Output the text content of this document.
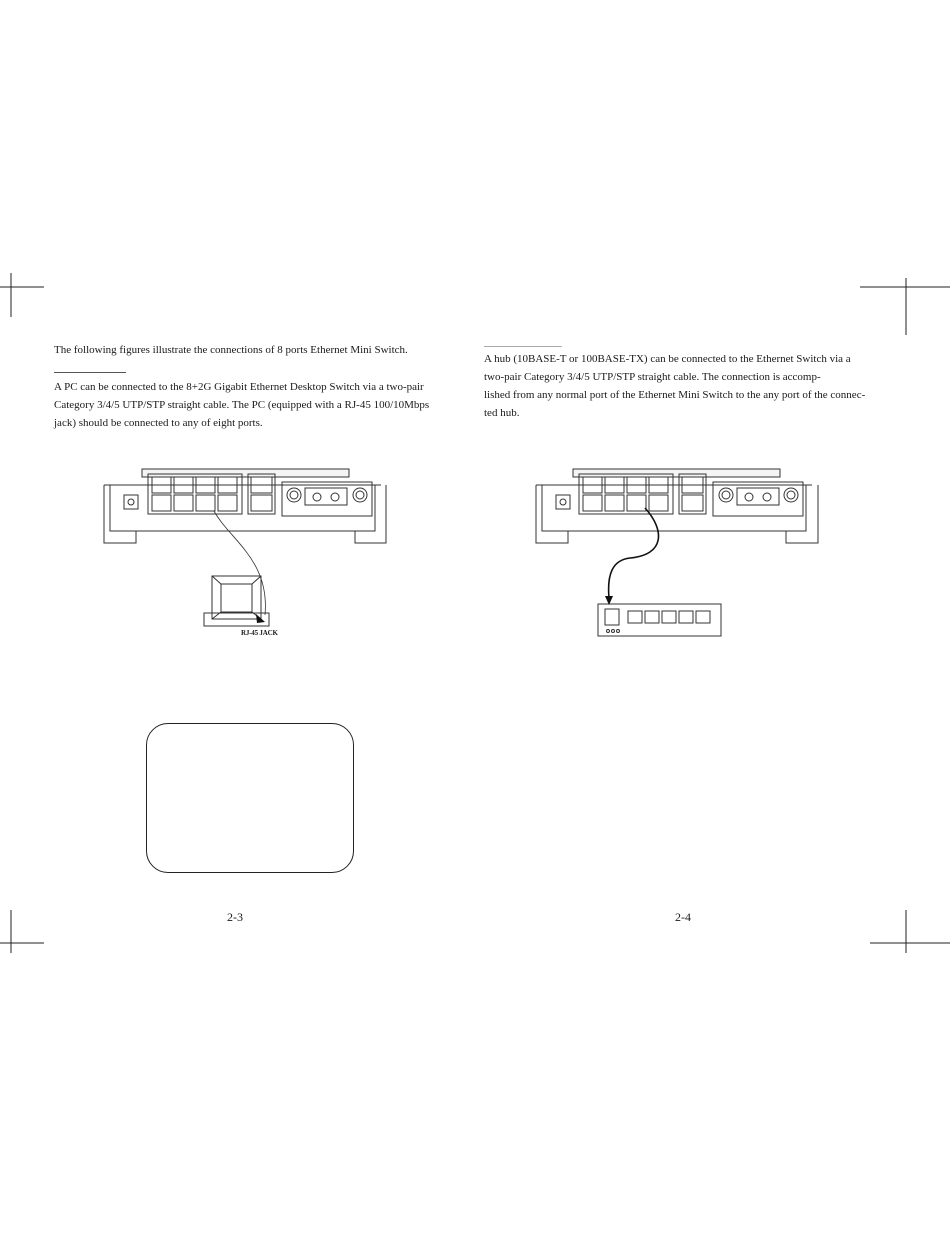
The following figures illustrate the connections of 8 ports Ethernet Mini Switch.
A PC can be connected to the 8+2G Gigabit Ethernet Desktop Switch via a two-pair
Category 3/4/5 UTP/STP straight cable. The PC (equipped with a RJ-45 100/10Mbps
jack) should be connected to any of eight ports.
A hub (10BASE-T or 100BASE-TX) can be connected to the Ethernet Switch via a
two-pair Category 3/4/5 UTP/STP straight cable. The connection is accomp-
lished from any normal port of the Ethernet Mini Switch to the any port of the connec-
ted hub.
RJ-45 JACK
2-3	2-4
